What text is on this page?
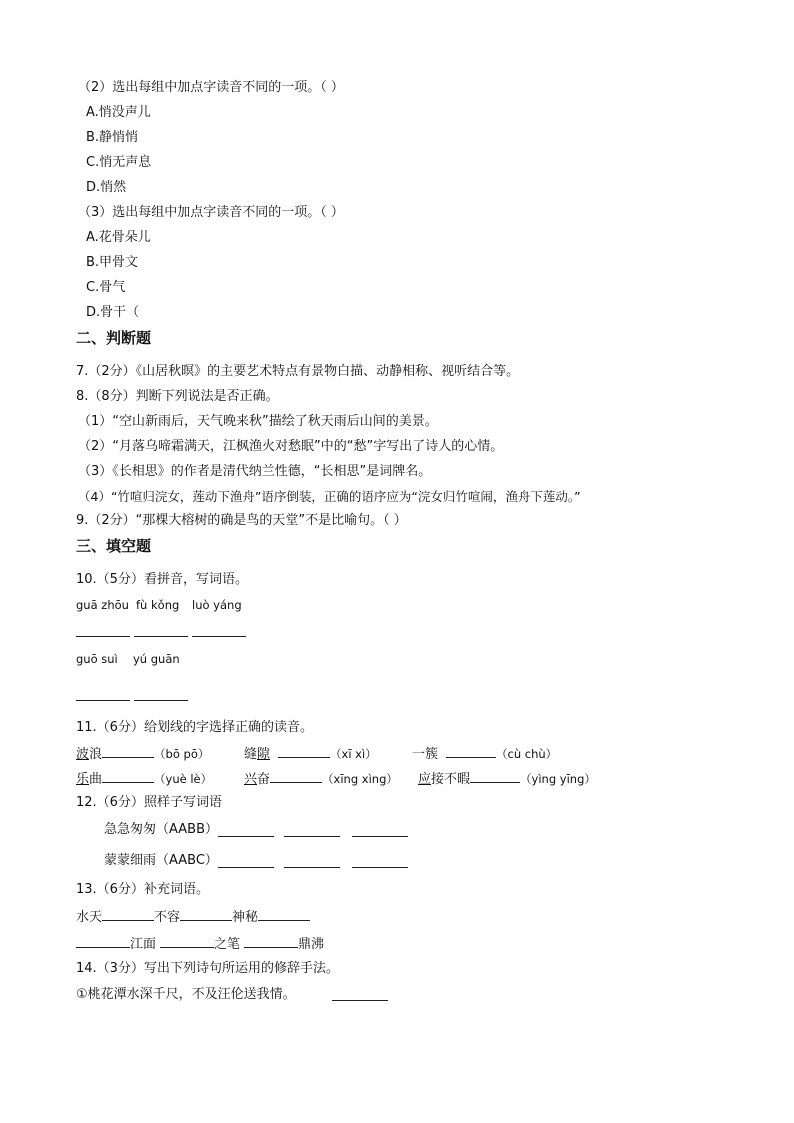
（2）选出每组中加点字读音不同的一项。（ ）
A.悄没声儿
B.静悄悄
C.悄无声息
D.悄然
（3）选出每组中加点字读音不同的一项。（ ）
A.花骨朵儿
B.甲骨文
C.骨气
D.骨干（
二、判断题
7.（2分）《山居秋暝》的主要艺术特点有景物白描、动静相称、视听结合等。
8.（8分）判断下列说法是否正确。
（1）“空山新雨后，天气晚来秋”描绘了秋天雨后山间的美景。
（2）“月落乌啼霜满天，江枫渔火对愁眠”中的“愁”字写出了诗人的心情。
（3）《长相思》的作者是清代纳兰性德，“长相思”是词牌名。
（4）“竹喧归浣女，莲动下渔舟”语序倒装，正确的语序应为“浣女归竹喧闹，渔舟下莲动。”
9.（2分）“那棵大榕树的确是鸟的天堂”不是比喻句。（ ）
三、填空题
10.（5分）看拼音，写词语。
guā zhōu fù kǒng luò yáng
guō suì yú guān
11.（6分）给划线的字选择正确的读音。
波浪	（bō pō）	缝隙	（xī xì）	一簇	（cù chù）
乐曲	（yuè lè） 兴奋	（xīng xìng） 应接不暇	（yìng yīng）
12.（6分）照样子写词语
急急匆匆（AABB）
蒙蒙细雨（AABC）
13.（6分）补充词语。
水天	不容	神秘
江面	之笔	鼎沸
14.（3分）写出下列诗句所运用的修辞手法。
①桃花潭水深千尺，不及汪伦送我情。
